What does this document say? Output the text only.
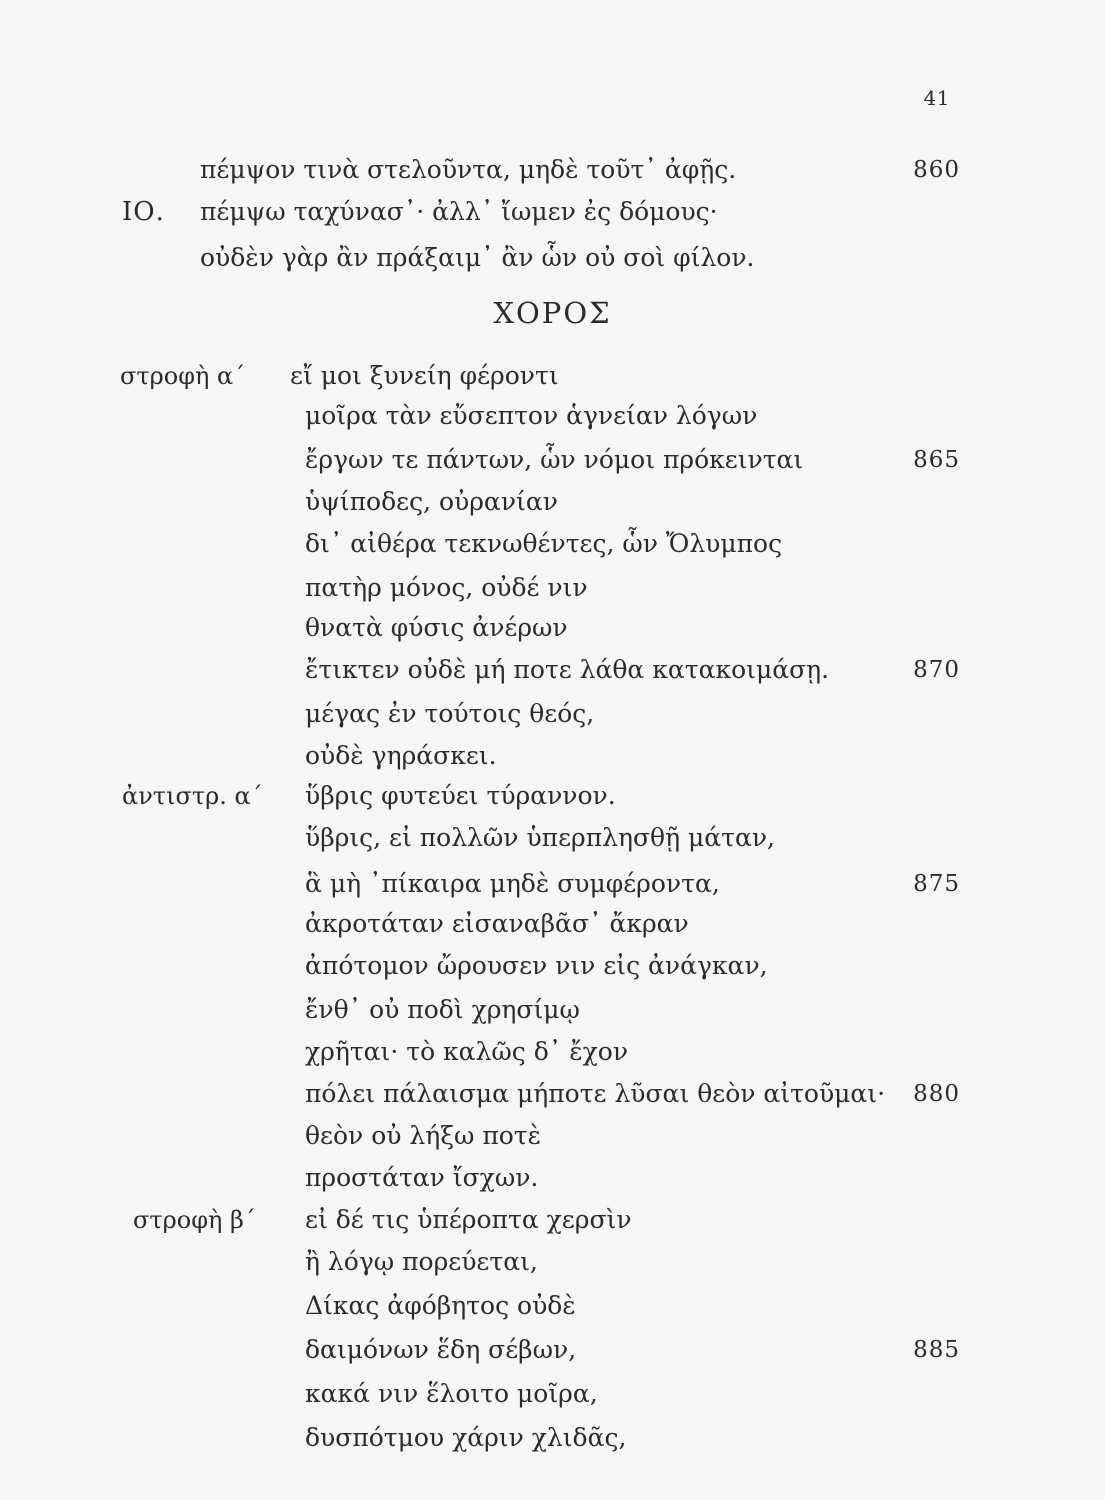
41
ΧΟΡΟΣ
πέμψον τινὰ στελοῦντα, μηδὲ τοῦτ᾽ ἀφῇς.	860
ΙΟ. πέμψω ταχύνασ᾽· ἀλλ᾽ ἴωμεν ἐς δόμους·
οὐδὲν γὰρ ἂν πράξαιμ᾽ ἂν ὧν οὐ σοὶ φίλον.
στροφὴ α΄ εἴ μοι ξυνείη φέροντι
μοῖρα τὰν εὔσεπτον ἁγνείαν λόγων
ἔργων τε πάντων, ὧν νόμοι πρόκεινται	865
ὑψίποδες, οὐρανίαν
δι᾽ αἰθέρα τεκνωθέντες, ὧν Ὄλυμπος
πατὴρ μόνος, οὐδέ νιν
θνατὰ φύσις ἀνέρων
ἔτικτεν οὐδὲ μή ποτε λάθα κατακοιμάσῃ.	870
μέγας ἐν τούτοις θεός,
οὐδὲ γηράσκει.
ἀντιστρ. α΄ ὕβρις φυτεύει τύραννον.
ὕβρις, εἰ πολλῶν ὑπερπλησθῇ μάταν,
ἃ μὴ ᾽πίκαιρα μηδὲ συμφέροντα,	875
ἀκροτάταν εἰσαναβᾶσ᾽ ἄκραν
ἀπότομον ὤρουσεν νιν εἰς ἀνάγκαν,
ἔνθ᾽ οὐ ποδὶ χρησίμῳ
χρῆται· τὸ καλῶς δ᾽ ἔχον
πόλει πάλαισμα μήποτε λῦσαι θεὸν αἰτοῦμαι· 880
θεὸν οὐ λήξω ποτὲ
προστάταν ἴσχων.
στροφὴ β΄ εἰ δέ τις ὑπέροπτα χερσὶν
ἢ λόγῳ πορεύεται,
Δίκας ἀφόβητος οὐδὲ
δαιμόνων ἕδη σέβων,	885
κακά νιν ἕλοιτο μοῖρα,
δυσπότμου χάριν χλιδᾶς,
